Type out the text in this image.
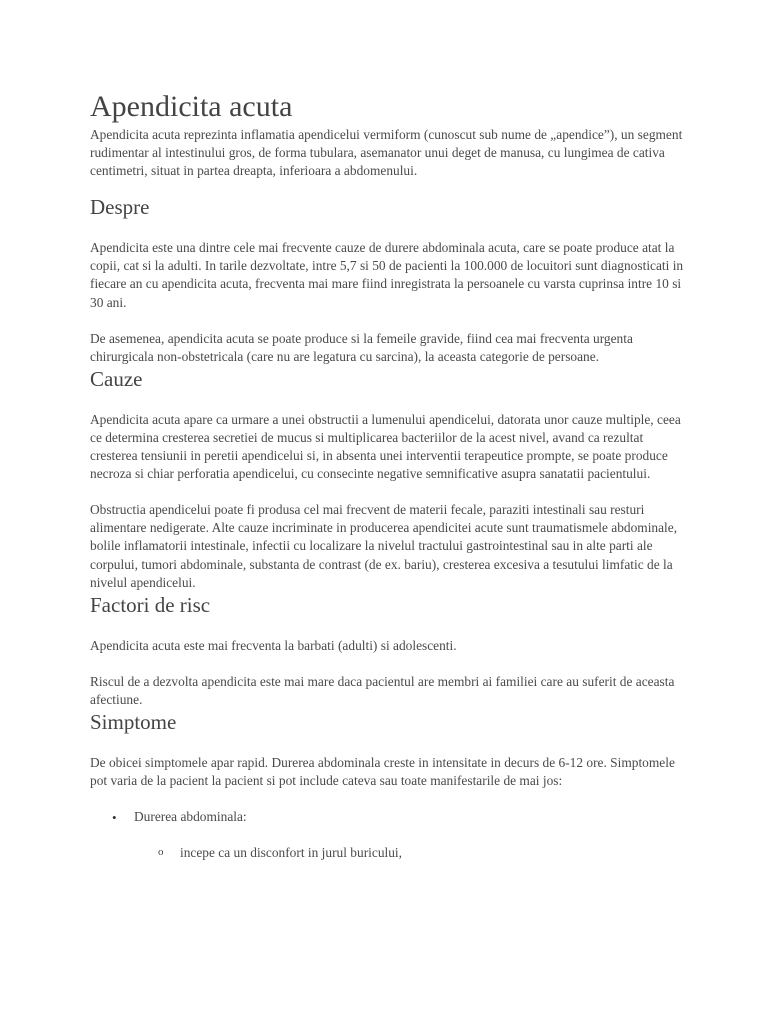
Apendicita acuta

Apendicita acuta reprezinta inflamatia apendicelui vermiform (cunoscut sub nume de „apendice”), un segment rudimentar al intestinului gros, de forma tubulara, asemanator unui deget de manusa, cu lungimea de cativa centimetri, situat in partea dreapta, inferioara a abdomenului.

Despre

Apendicita este una dintre cele mai frecvente cauze de durere abdominala acuta, care se poate produce atat la copii, cat si la adulti. In tarile dezvoltate, intre 5,7 si 50 de pacienti la 100.000 de locuitori sunt diagnosticati in fiecare an cu apendicita acuta, frecventa mai mare fiind inregistrata la persoanele cu varsta cuprinsa intre 10 si 30 ani.

De asemenea, apendicita acuta se poate produce si la femeile gravide, fiind cea mai frecventa urgenta chirurgicala non-obstetricala (care nu are legatura cu sarcina), la aceasta categorie de persoane.

Cauze

Apendicita acuta apare ca urmare a unei obstructii a lumenului apendicelui, datorata unor cauze multiple, ceea ce determina cresterea secretiei de mucus si multiplicarea bacteriilor de la acest nivel, avand ca rezultat cresterea tensiunii in peretii apendicelui si, in absenta unei interventii terapeutice prompte, se poate produce necroza si chiar perforatia apendicelui, cu consecinte negative semnificative asupra sanatatii pacientului.

Obstructia apendicelui poate fi produsa cel mai frecvent de materii fecale, paraziti intestinali sau resturi alimentare nedigerate. Alte cauze incriminate in producerea apendicitei acute sunt traumatismele abdominale, bolile inflamatorii intestinale, infectii cu localizare la nivelul tractului gastrointestinal sau in alte parti ale corpului, tumori abdominale, substanta de contrast (de ex. bariu), cresterea excesiva a tesutului limfatic de la nivelul apendicelui.

Factori de risc

Apendicita acuta este mai frecventa la barbati (adulti) si adolescenti.

Riscul de a dezvolta apendicita este mai mare daca pacientul are membri ai familiei care au suferit de aceasta afectiune.

Simptome

De obicei simptomele apar rapid. Durerea abdominala creste in intensitate in decurs de 6-12 ore. Simptomele pot varia de la pacient la pacient si pot include cateva sau toate manifestarile de mai jos:

• Durerea abdominala:
o incepe ca un disconfort in jurul buricului,
